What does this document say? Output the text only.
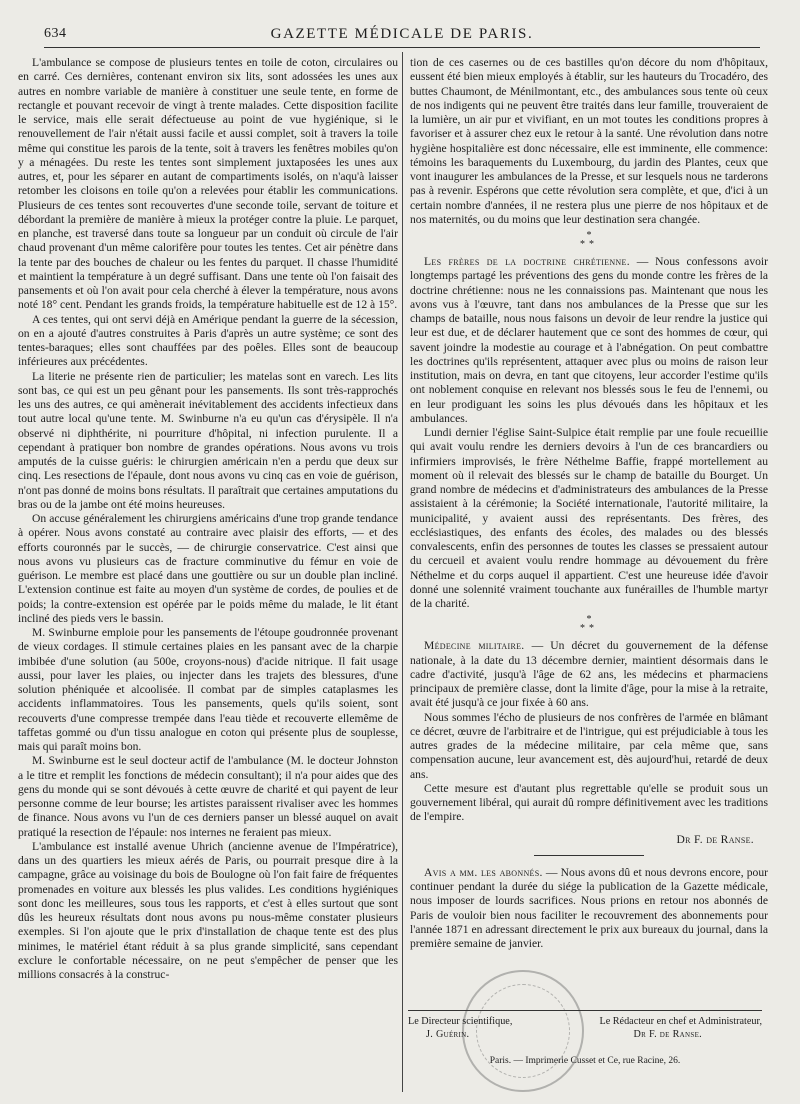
634	GAZETTE MÉDICALE DE PARIS.

L'ambulance se compose de plusieurs tentes en toile de coton, circulaires ou en carré. Ces dernières, contenant environ six lits, sont adossées les unes aux autres en nombre variable de manière à constituer une seule tente, en forme de rectangle et pouvant recevoir de vingt à trente malades. Cette disposition facilite le service, mais elle serait défectueuse au point de vue hygiénique, si le renouvellement de l'air n'était aussi facile et aussi complet, soit à travers la toile même qui constitue les parois de la tente, soit à travers les fenêtres mobiles qu'on y a ménagées. Du reste les tentes sont simplement juxtaposées les unes aux autres, et, pour les séparer en autant de compartiments isolés, on n'aqu'à laisser retomber les cloisons en toile qu'on a relevées pour établir les communications. Plusieurs de ces tentes sont recouvertes d'une seconde toile, servant de toiture et débordant la première de manière à mieux la protéger contre la pluie. Le parquet, en planche, est traversé dans toute sa longueur par un conduit où circule de l'air chaud provenant d'un même calorifère pour toutes les tentes. Cet air pénètre dans la tente par des bouches de chaleur ou les fentes du parquet. Il chasse l'humidité et maintient la température à un degré suffisant. Dans une tente où l'on faisait des pansements et où l'on avait pour cela cherché à élever la température, nous avons noté 18° cent. Pendant les grands froids, la température habituelle est de 12 à 15°.

A ces tentes, qui ont servi déjà en Amérique pendant la guerre de la sécession, on en a ajouté d'autres construites à Paris d'après un autre système; ce sont des tentes-baraques; elles sont chauffées par des poêles. Elles sont de beaucoup inférieures aux précédentes.

La literie ne présente rien de particulier; les matelas sont en varech. Les lits sont bas, ce qui est un peu gênant pour les pansements. Ils sont très-rapprochés les uns des autres, ce qui amènerait inévitablement des accidents infectieux dans tout autre local qu'une tente. M. Swinburne n'a eu qu'un cas d'érysipèle. Il n'a observé ni diphthérite, ni pourriture d'hôpital, ni infection purulente. Il a cependant à pratiquer bon nombre de grandes opérations. Nous avons vu trois amputés de la cuisse guéris: le chirurgien américain n'en a perdu que deux sur cinq. Les resections de l'épaule, dont nous avons vu cinq cas en voie de guérison, n'ont pas donné de moins bons résultats. Il paraîtrait que certaines amputations du bras ou de la jambe ont été moins heureuses.

On accuse généralement les chirurgiens américains d'une trop grande tendance à opérer. Nous avons constaté au contraire avec plaisir des efforts, — et des efforts couronnés par le succès, — de chirurgie conservatrice. C'est ainsi que nous avons vu plusieurs cas de fracture comminutive du fémur en voie de guérison. Le membre est placé dans une gouttière ou sur un double plan incliné. L'extension continue est faite au moyen d'un système de cordes, de poulies et de poids; la contre-extension est opérée par le poids même du malade, le lit étant incliné des pieds vers le bassin.

M. Swinburne emploie pour les pansements de l'étoupe goudronnée provenant de vieux cordages. Il stimule certaines plaies en les pansant avec de la charpie imbibée d'une solution (au 500e, croyons-nous) d'acide nitrique. Il fait usage aussi, pour laver les plaies, ou injecter dans les trajets des blessures, d'une solution phéniquée et alcoolisée. Il combat par de simples cataplasmes les accidents inflammatoires. Tous les pansements, quels qu'ils soient, sont recouverts d'une compresse trempée dans l'eau tiède et recouverte ellemême de taffetas gommé ou d'un tissu analogue en coton qui présente plus de souplesse, mais qui paraît moins bon.

M. Swinburne est le seul docteur actif de l'ambulance (M. le docteur Johnston a le titre et remplit les fonctions de médecin consultant); il n'a pour aides que des gens du monde qui se sont dévoués à cette œuvre de charité et qui payent de leur personne comme de leur bourse; les artistes paraissent rivaliser avec les hommes de finance. Nous avons vu l'un de ces derniers panser un blessé auquel on avait pratiqué la resection de l'épaule: nos internes ne feraient pas mieux.

L'ambulance est installé avenue Uhrich (ancienne avenue de l'Impératrice), dans un des quartiers les mieux aérés de Paris, ou pourrait presque dire à la campagne, grâce au voisinage du bois de Boulogne où l'on fait faire de fréquentes promenades en voiture aux blessés les plus valides. Les conditions hygiéniques sont donc les meilleures, sous tous les rapports, et c'est à elles surtout que sont dûs les heureux résultats dont nous avons pu nous-même constater plusieurs exemples. Si l'on ajoute que le prix d'installation de chaque tente est des plus minimes, le matériel étant réduit à sa plus grande simplicité, sans cependant exclure le confortable nécessaire, on ne peut s'empêcher de penser que les millions consacrés à la construc-

tion de ces casernes ou de ces bastilles qu'on décore du nom d'hôpitaux, eussent été bien mieux employés à établir, sur les hauteurs du Trocadéro, des buttes Chaumont, de Ménilmontant, etc., des ambulances sous tente où ceux de nos indigents qui ne peuvent être traités dans leur famille, trouveraient de la lumière, un air pur et vivifiant, en un mot toutes les conditions propres à favoriser et à assurer chez eux le retour à la santé. Une révolution dans notre hygiène hospitalière est donc nécessaire, elle est imminente, elle commence: témoins les baraquements du Luxembourg, du jardin des Plantes, ceux que vont inaugurer les ambulances de la Presse, et sur lesquels nous ne tarderons pas à revenir. Espérons que cette révolution sera complète, et que, d'ici à un certain nombre d'années, il ne restera plus une pierre de nos hôpitaux et de nos maternités, ou du moins que leur destination sera changée.

*
**

Les frères de la doctrine chrétienne. — Nous confessons avoir longtemps partagé les préventions des gens du monde contre les frères de la doctrine chrétienne: nous ne les connaissions pas. Maintenant que nous les avons vus à l'œuvre, tant dans nos ambulances de la Presse que sur les champs de bataille, nous nous faisons un devoir de leur rendre la justice qui leur est due, et de déclarer hautement que ce sont des hommes de cœur, qui savent joindre la modestie au courage et à l'abnégation. On peut combattre les doctrines qu'ils représentent, attaquer avec plus ou moins de raison leur institution, mais on devra, en tant que citoyens, leur accorder l'estime qu'ils ont noblement conquise en relevant nos blessés sous le feu de l'ennemi, ou en leur prodiguant les soins les plus dévoués dans les hôpitaux et les ambulances.

Lundi dernier l'église Saint-Sulpice était remplie par une foule recueillie qui avait voulu rendre les derniers devoirs à l'un de ces brancardiers ou infirmiers improvisés, le frère Néthelme Baffie, frappé mortellement au moment où il relevait des blessés sur le champ de bataille du Bourget. Un grand nombre de médecins et d'administrateurs des ambulances de la Presse assistaient à la cérémonie; la Société internationale, l'autorité militaire, la municipalité, y avaient aussi des représentants. Des frères, des ecclésiastiques, des enfants des écoles, des malades ou des blessés convalescents, enfin des personnes de toutes les classes se pressaient autour du cercueil et avaient voulu rendre hommage au dévouement du frère Néthelme et du corps auquel il appartient. C'est une heureuse idée d'avoir donné une solennité vraiment touchante aux funérailles de l'humble martyr de la charité.

*
**

Médecine militaire. — Un décret du gouvernement de la défense nationale, à la date du 13 décembre dernier, maintient désormais dans le cadre d'activité, jusqu'à l'âge de 62 ans, les médecins et pharmaciens principaux de première classe, dont la limite d'âge, pour la mise à la retraite, avait été jusqu'à ce jour fixée à 60 ans.

Nous sommes l'écho de plusieurs de nos confrères de l'armée en blâmant ce décret, œuvre de l'arbitraire et de l'intrigue, qui est préjudiciable à tous les autres grades de la médecine militaire, par cela même que, sans compensation aucune, leur avancement est, dès aujourd'hui, retardé de deux ans.

Cette mesure est d'autant plus regrettable qu'elle se produit sous un gouvernement libéral, qui aurait dû rompre définitivement avec les traditions de l'empire.

Dr F. de Ranse.

Avis a mm. les abonnés. — Nous avons dû et nous devrons encore, pour continuer pendant la durée du siége la publication de la Gazette médicale, nous imposer de lourds sacrifices. Nous prions en retour nos abonnés de Paris de vouloir bien nous faciliter le recouvrement des abonnements pour l'année 1871 en adressant directement le prix aux bureaux du journal, dans la première semaine de janvier.

Le Directeur scientifique,	Le Rédacteur en chef et Administrateur,
J. Guérin.	Dr F. de Ranse.
Paris. — Imprimerie Cusset et Ce, rue Racine, 26.
